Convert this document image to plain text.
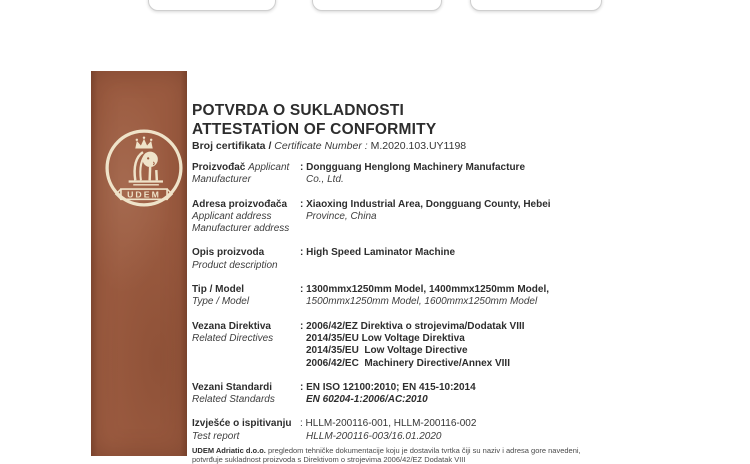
UDEM
POTVRDA O SUKLADNOSTI
ATTESTATİON OF CONFORMITY
Broj certifikata / Certificate Number : M.2020.103.UY1198
Proizvođač Applicant
Manufacturer
: Dongguang Henglong Machinery Manufacture
Co., Ltd.
Adresa proizvođača
Applicant address
Manufacturer address
: Xiaoxing Industrial Area, Dongguang County, Hebei
Province, China
Opis proizvoda
Product description
: High Speed Laminator Machine
Tip / Model
Type / Model
: 1300mmx1250mm Model, 1400mmx1250mm Model,
1500mmx1250mm Model, 1600mmx1250mm Model
Vezana Direktiva
Related Directives
: 2006/42/EZ Direktiva o strojevima/Dodatak VIII
2014/35/EU Low Voltage Direktiva
2014/35/EU  Low Voltage Directive
2006/42/EC  Machinery Directive/Annex VIII
Vezani Standardi
Related Standards
: EN ISO 12100:2010; EN 415-10:2014
EN 60204-1:2006/AC:2010
Izvješće o ispitivanju
Test report
: HLLM-200116-001, HLLM-200116-002
HLLM-200116-003/16.01.2020
UDEM Adriatic d.o.o. pregledom tehničke dokumentacije koju je dostavila tvrtka čiji su naziv i adresa gore navedeni,
potvrđuje sukladnost proizvoda s Direktivom o strojevima 2006/42/EZ Dodatak VIII
